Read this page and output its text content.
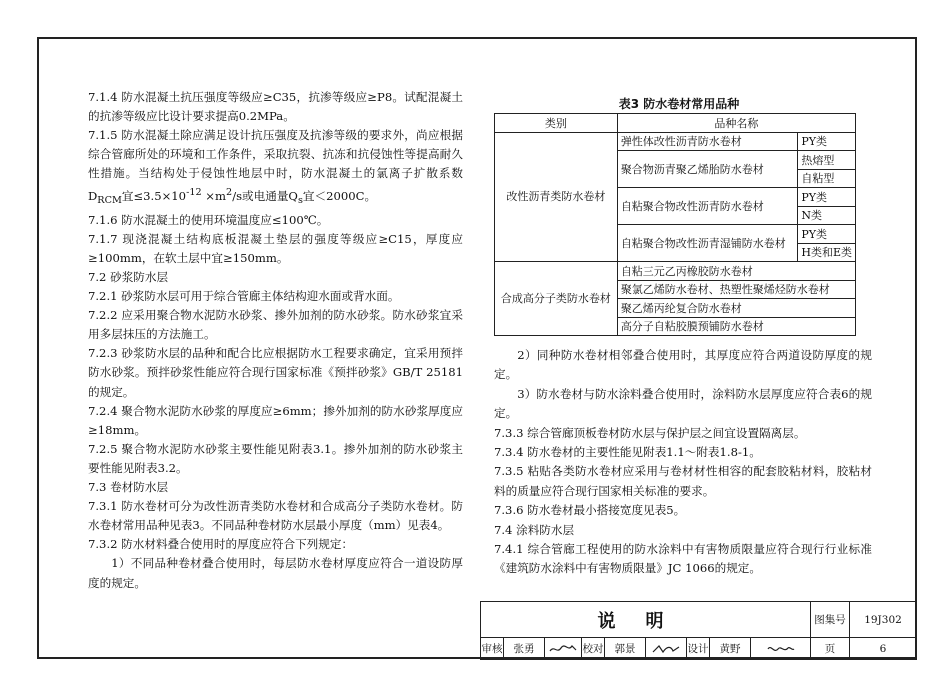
7.1.4 防水混凝土抗压强度等级应≥C35，抗渗等级应≥P8。试配混凝土的抗渗等级应比设计要求提高0.2MPa。

7.1.5 防水混凝土除应满足设计抗压强度及抗渗等级的要求外，尚应根据综合管廊所处的环境和工作条件，采取抗裂、抗冻和抗侵蚀性等提高耐久性措施。当结构处于侵蚀性地层中时，防水混凝土的氯离子扩散系数$D_{RCM}$宜$\le 3.5\times 10^{-12} \times m^2/s$或电通量$Q_s$宜＜2000C。

7.1.6 防水混凝土的使用环境温度应≤100℃。

7.1.7 现浇混凝土结构底板混凝土垫层的强度等级应≥C15，厚度应≥100mm，在软土层中宜≥150mm。

7.2 砂浆防水层

7.2.1 砂浆防水层可用于综合管廊主体结构迎水面或背水面。

7.2.2 应采用聚合物水泥防水砂浆、掺外加剂的防水砂浆。防水砂浆宜采用多层抹压的方法施工。

7.2.3 砂浆防水层的品种和配合比应根据防水工程要求确定，宜采用预拌防水砂浆。预拌砂浆性能应符合现行国家标准《预拌砂浆》GB/T 25181的规定。

7.2.4 聚合物水泥防水砂浆的厚度应≥6mm；掺外加剂的防水砂浆厚度应≥18mm。

7.2.5 聚合物水泥防水砂浆主要性能见附表3.1。掺外加剂的防水砂浆主要性能见附表3.2。

7.3 卷材防水层

7.3.1 防水卷材可分为改性沥青类防水卷材和合成高分子类防水卷材。防水卷材常用品种见表3。不同品种卷材防水层最小厚度（mm）见表4。

7.3.2 防水材料叠合使用时的厚度应符合下列规定：

1）不同品种卷材叠合使用时，每层防水卷材厚度应符合一道设防厚度的规定。

表3 防水卷材常用品种
类别	品种名称	
改性沥青类防水卷材	弹性体改性沥青防水卷材	PY类
	聚合物沥青聚乙烯胎防水卷材	热熔型
		自粘型
	自粘聚合物改性沥青防水卷材	PY类
		N类
	自粘聚合物改性沥青湿铺防水卷材	PY类
		H类和E类
合成高分子类防水卷材	自粘三元乙丙橡胶防水卷材	
	聚氯乙烯防水卷材、热塑性聚烯烃防水卷材	
	聚乙烯丙纶复合防水卷材	
	高分子自粘胶膜预铺防水卷材	

2）同种防水卷材相邻叠合使用时，其厚度应符合两道设防厚度的规定。

3）防水卷材与防水涂料叠合使用时，涂料防水层厚度应符合表6的规定。

7.3.3 综合管廊顶板卷材防水层与保护层之间宜设置隔离层。

7.3.4 防水卷材的主要性能见附表1.1～附表1.8-1。

7.3.5 粘贴各类防水卷材应采用与卷材材性相容的配套胶粘材料，胶粘材料的质量应符合现行国家相关标准的要求。

7.3.6 防水卷材最小搭接宽度见表5。

7.4 涂料防水层

7.4.1 综合管廊工程使用的防水涂料中有害物质限量应符合现行行业标准《建筑防水涂料中有害物质限量》JC 1066的规定。

说明									图集号	19J302
审核	张勇		校对	郭景		设计	黄野		页	6
